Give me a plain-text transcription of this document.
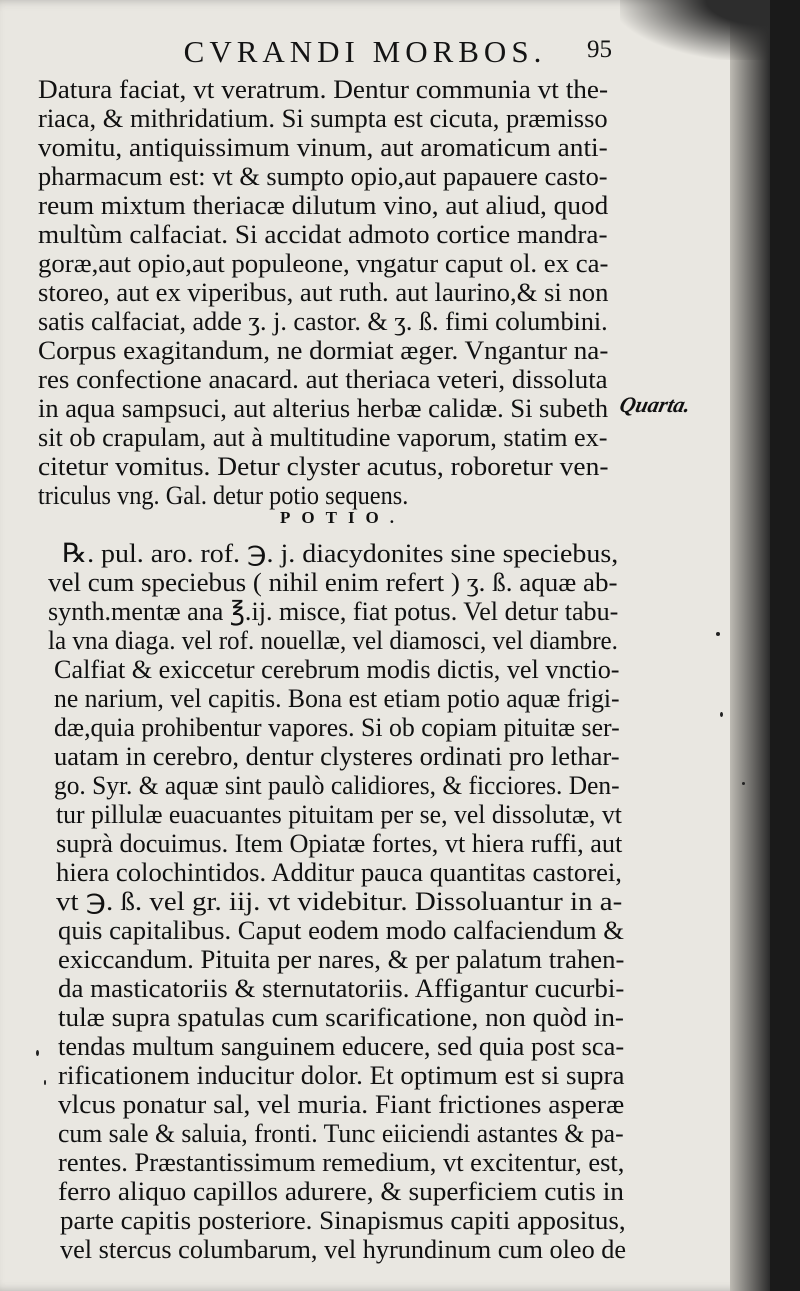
CVRANDI MORBOS.	95
POTIO.
Quarta.
Datura faciat, vt veratrum. Dentur communia vt the-
riaca, & mithridatium. Si sumpta est cicuta, præmisso
vomitu, antiquissimum vinum, aut aromaticum anti-
pharmacum est: vt & sumpto opio,aut papauere casto-
reum mixtum theriacæ dilutum vino, aut aliud, quod
multùm calfaciat. Si accidat admoto cortice mandra-
goræ,aut opio,aut populeone, vngatur caput ol. ex ca-
storeo, aut ex viperibus, aut ruth. aut laurino,& si non
satis calfaciat, adde ʒ. j. castor. & ʒ. ß. fimi columbini.
Corpus exagitandum, ne dormiat æger. Vngantur na-
res confectione anacard. aut theriaca veteri, dissoluta
in aqua sampsuci, aut alterius herbæ calidæ. Si subeth
sit ob crapulam, aut à multitudine vaporum, statim ex-
citetur vomitus. Detur clyster acutus, roboretur ven-
triculus vng. Gal. detur potio sequens.
℞. pul. aro. rof. ℈. j. diacydonites sine speciebus,
vel cum speciebus ( nihil enim refert ) ʒ. ß. aquæ ab-
synth.mentæ ana ℥.ij. misce, fiat potus. Vel detur tabu-
la vna diaga. vel rof. nouellæ, vel diamosci, vel diambre.
Calfiat & exiccetur cerebrum modis dictis, vel vnctio-
ne narium, vel capitis. Bona est etiam potio aquæ frigi-
dæ,quia prohibentur vapores. Si ob copiam pituitæ ser-
uatam in cerebro, dentur clysteres ordinati pro lethar-
go. Syr. & aquæ sint paulò calidiores, & ficciores. Den-
tur pillulæ euacuantes pituitam per se, vel dissolutæ, vt
suprà docuimus. Item Opiatæ fortes, vt hiera ruffi, aut
hiera colochintidos. Additur pauca quantitas castorei,
vt ℈. ß. vel gr. iij. vt videbitur. Dissoluantur in a-
quis capitalibus. Caput eodem modo calfaciendum &
exiccandum. Pituita per nares, & per palatum trahen-
da masticatoriis & sternutatoriis. Affigantur cucurbi-
tulæ supra spatulas cum scarificatione, non quòd in-
tendas multum sanguinem educere, sed quia post sca-
rificationem inducitur dolor. Et optimum est si supra
vlcus ponatur sal, vel muria. Fiant frictiones asperæ
cum sale & saluia, fronti. Tunc eiiciendi astantes & pa-
rentes. Præstantissimum remedium, vt excitentur, est,
ferro aliquo capillos adurere, & superficiem cutis in
parte capitis posteriore. Sinapismus capiti appositus,
vel stercus columbarum, vel hyrundinum cum oleo de
